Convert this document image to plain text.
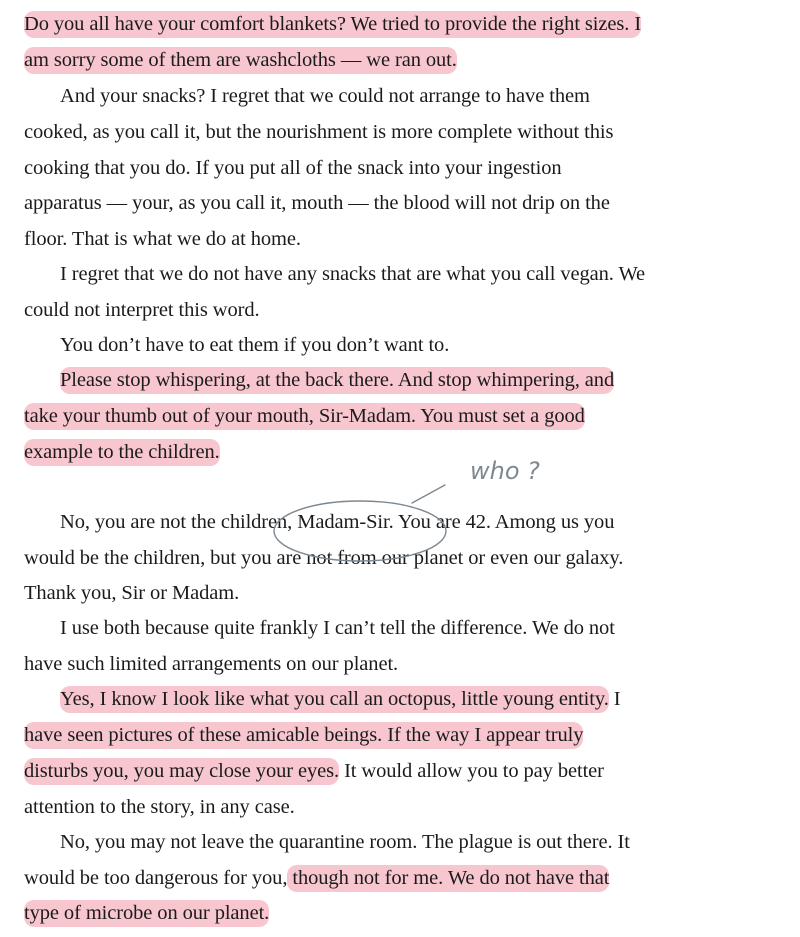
Do you all have your comfort blankets? We tried to provide the right sizes. I
am sorry some of them are washcloths — we ran out.
And your snacks? I regret that we could not arrange to have them
cooked, as you call it, but the nourishment is more complete without this
cooking that you do. If you put all of the snack into your ingestion
apparatus — your, as you call it, mouth — the blood will not drip on the
floor. That is what we do at home.
I regret that we do not have any snacks that are what you call vegan. We
could not interpret this word.
You don’t have to eat them if you don’t want to.
Please stop whispering, at the back there. And stop whimpering, and
take your thumb out of your mouth, Sir-Madam. You must set a good
example to the children.
No, you are not the children, Madam-Sir. You are 42. Among us you
would be the children, but you are not from our planet or even our galaxy.
Thank you, Sir or Madam.
I use both because quite frankly I can’t tell the difference. We do not
have such limited arrangements on our planet.
Yes, I know I look like what you call an octopus, little young entity. I
have seen pictures of these amicable beings. If the way I appear truly
disturbs you, you may close your eyes. It would allow you to pay better
attention to the story, in any case.
No, you may not leave the quarantine room. The plague is out there. It
would be too dangerous for you, though not for me. We do not have that
type of microbe on our planet.
who ?
